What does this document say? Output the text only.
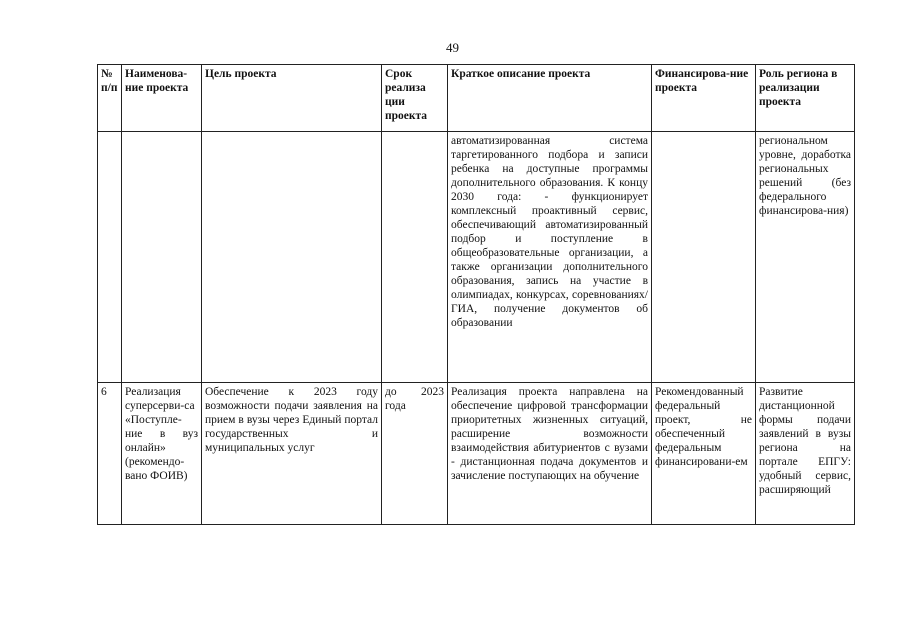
49
№ п/п	Наименова-ние проекта	Цель проекта	Срок реализа ции проекта	Краткое описание проекта	Финансирова-ние проекта	Роль региона в реализации проекта
				автоматизированная система таргетированного подбора и записи ребенка на доступные программы дополнительного образования. К концу 2030 года: - функционирует комплексный проактивный сервис, обеспечивающий автоматизированный подбор и поступление в общеобразовательные организации, а также организации дополнительного образования, запись на участие в олимпиадах, конкурсах, соревнованиях/ГИА, получение документов об образовании		региональном уровне, доработка региональных решений (без федерального финансирова-ния)
6	Реализация суперсерви-са «Поступле-ние в вуз онлайн» (рекомендо-вано ФОИВ)	Обеспечение к 2023 году возможности подачи заявления на прием в вузы через Единый портал государственных и муниципальных услуг	до 2023 года	Реализация проекта направлена на обеспечение цифровой трансформации приоритетных жизненных ситуаций, расширение возможности взаимодействия абитуриентов с вузами - дистанционная подача документов и зачисление поступающих на обучение	Рекомендованный федеральный проект, не обеспеченный федеральным финансировани-ем	Развитие дистанционной формы подачи заявлений в вузы региона на портале ЕПГУ: удобный сервис, расширяющий
